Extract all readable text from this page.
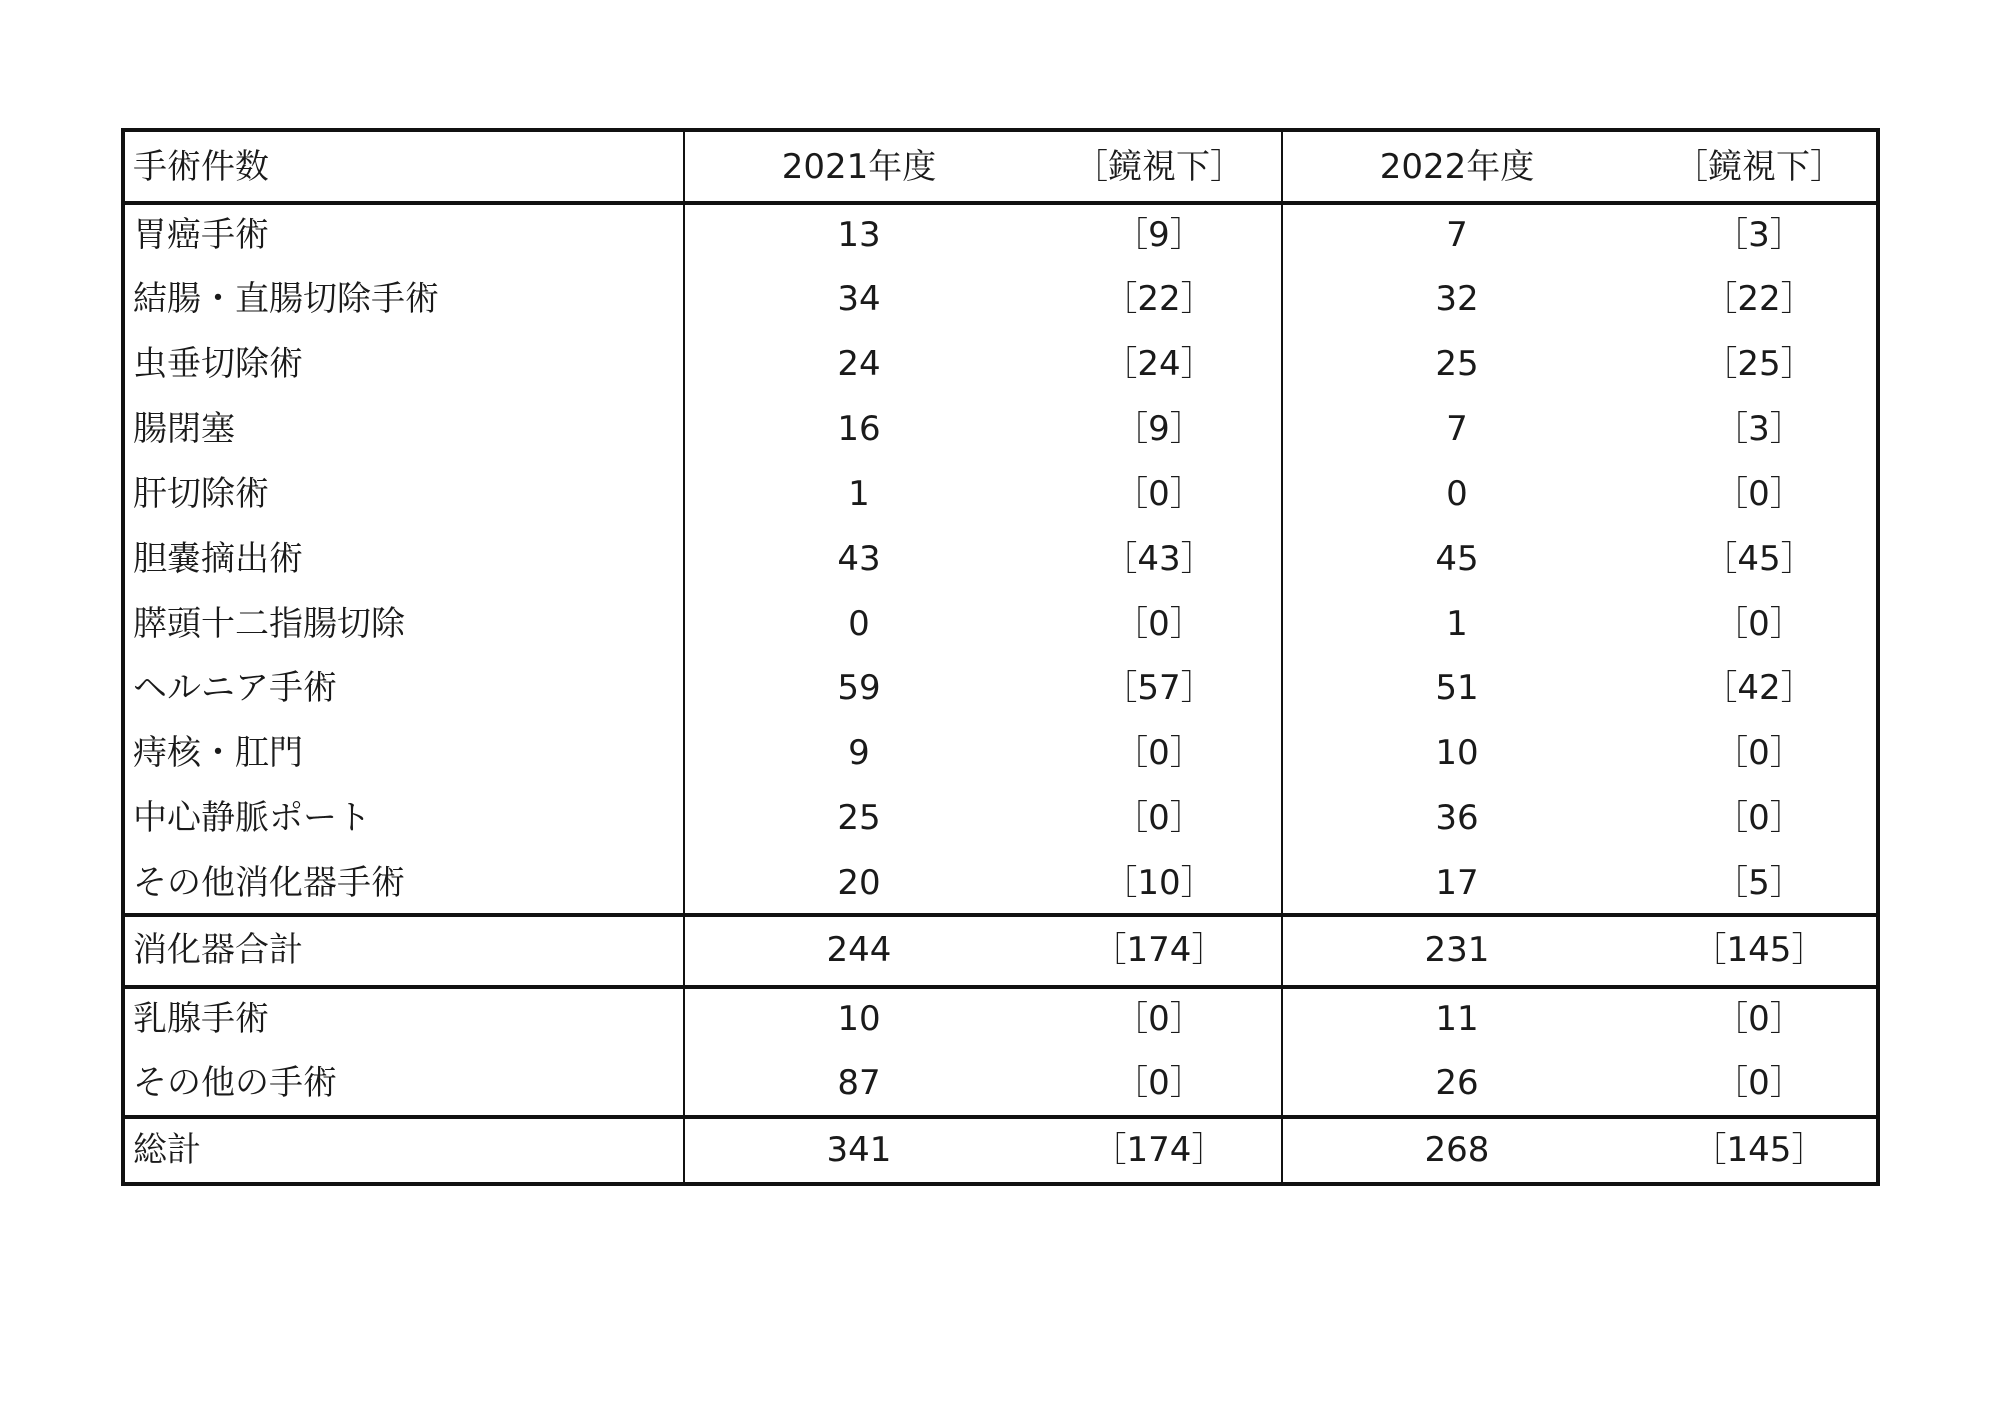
手術件数	2021年度	［鏡視下］	2022年度	［鏡視下］
胃癌手術	13	［9］	7	［3］
結腸・直腸切除手術	34	［22］	32	［22］
虫垂切除術	24	［24］	25	［25］
腸閉塞	16	［9］	7	［3］
肝切除術	1	［0］	0	［0］
胆嚢摘出術	43	［43］	45	［45］
膵頭十二指腸切除	0	［0］	1	［0］
ヘルニア手術	59	［57］	51	［42］
痔核・肛門	9	［0］	10	［0］
中心静脈ポート	25	［0］	36	［0］
その他消化器手術	20	［10］	17	［5］
消化器合計	244	［174］	231	［145］
乳腺手術	10	［0］	11	［0］
その他の手術	87	［0］	26	［0］
総計	341	［174］	268	［145］
